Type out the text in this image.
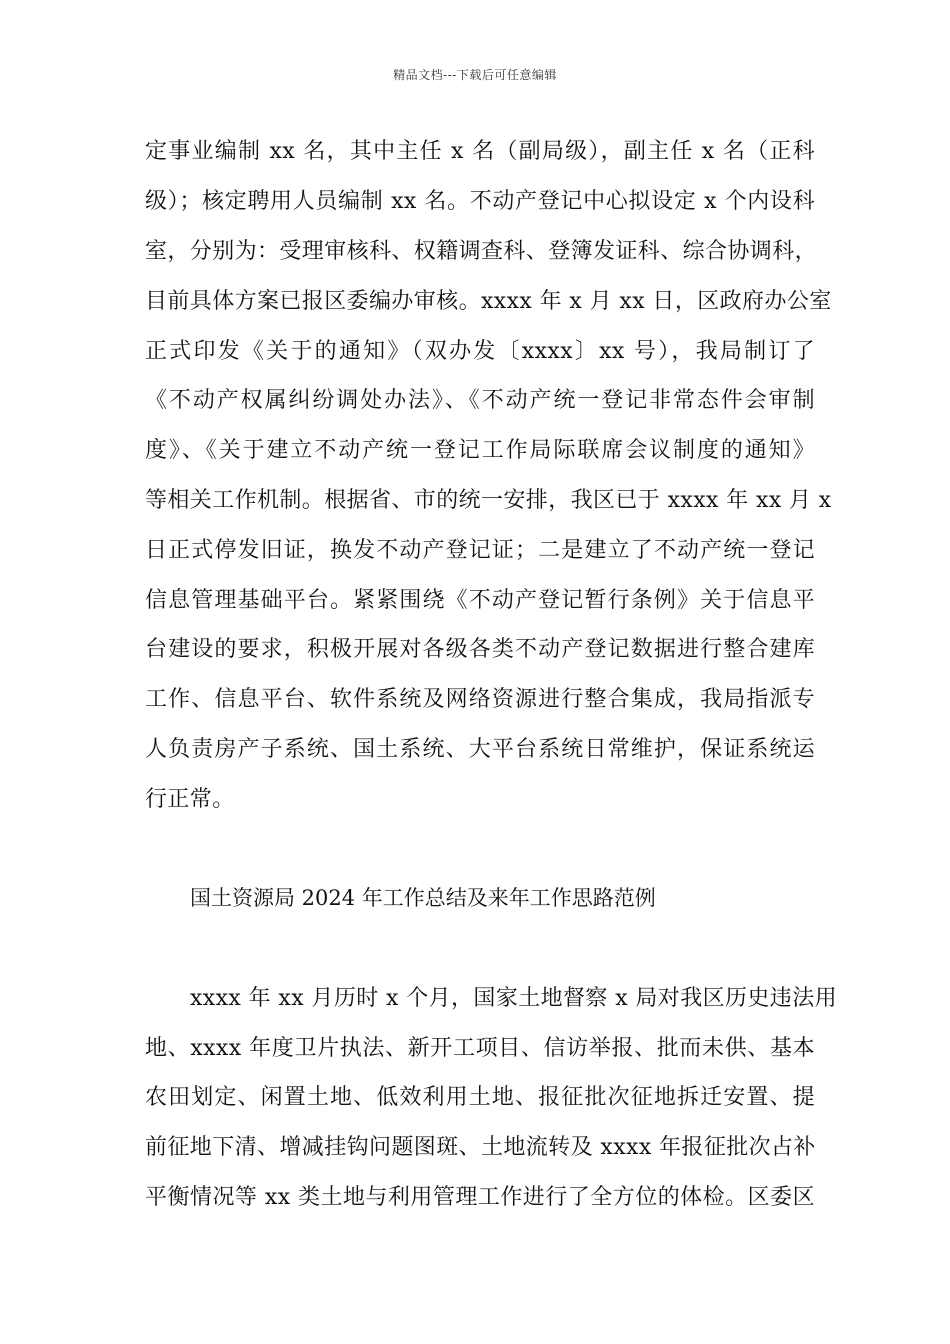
精品文档---下载后可任意编辑
定事业编制 xx 名，其中主任 x 名（副局级），副主任 x 名（正科
级）；核定聘用人员编制 xx 名。不动产登记中心拟设定 x 个内设科
室，分别为：受理审核科、权籍调查科、登簿发证科、综合协调科，
目前具体方案已报区委编办审核。xxxx 年 x 月 xx 日，区政府办公室
正式印发《关于的通知》（双办发〔xxxx〕xx 号），我局制订了
《不动产权属纠纷调处办法》、《不动产统一登记非常态件会审制
度》、《关于建立不动产统一登记工作局际联席会议制度的通知》
等相关工作机制。根据省、市的统一安排，我区已于 xxxx 年 xx 月 x
日正式停发旧证，换发不动产登记证；二是建立了不动产统一登记
信息管理基础平台。紧紧围绕《不动产登记暂行条例》关于信息平
台建设的要求，积极开展对各级各类不动产登记数据进行整合建库
工作、信息平台、软件系统及网络资源进行整合集成，我局指派专
人负责房产子系统、国土系统、大平台系统日常维护，保证系统运
行正常。
国土资源局 2024 年工作总结及来年工作思路范例
xxxx 年 xx 月历时 x 个月，国家土地督察 x 局对我区历史违法用
地、xxxx 年度卫片执法、新开工项目、信访举报、批而未供、基本
农田划定、闲置土地、低效利用土地、报征批次征地拆迁安置、提
前征地下清、增减挂钩问题图斑、土地流转及 xxxx 年报征批次占补
平衡情况等 xx 类土地与利用管理工作进行了全方位的体检。区委区
